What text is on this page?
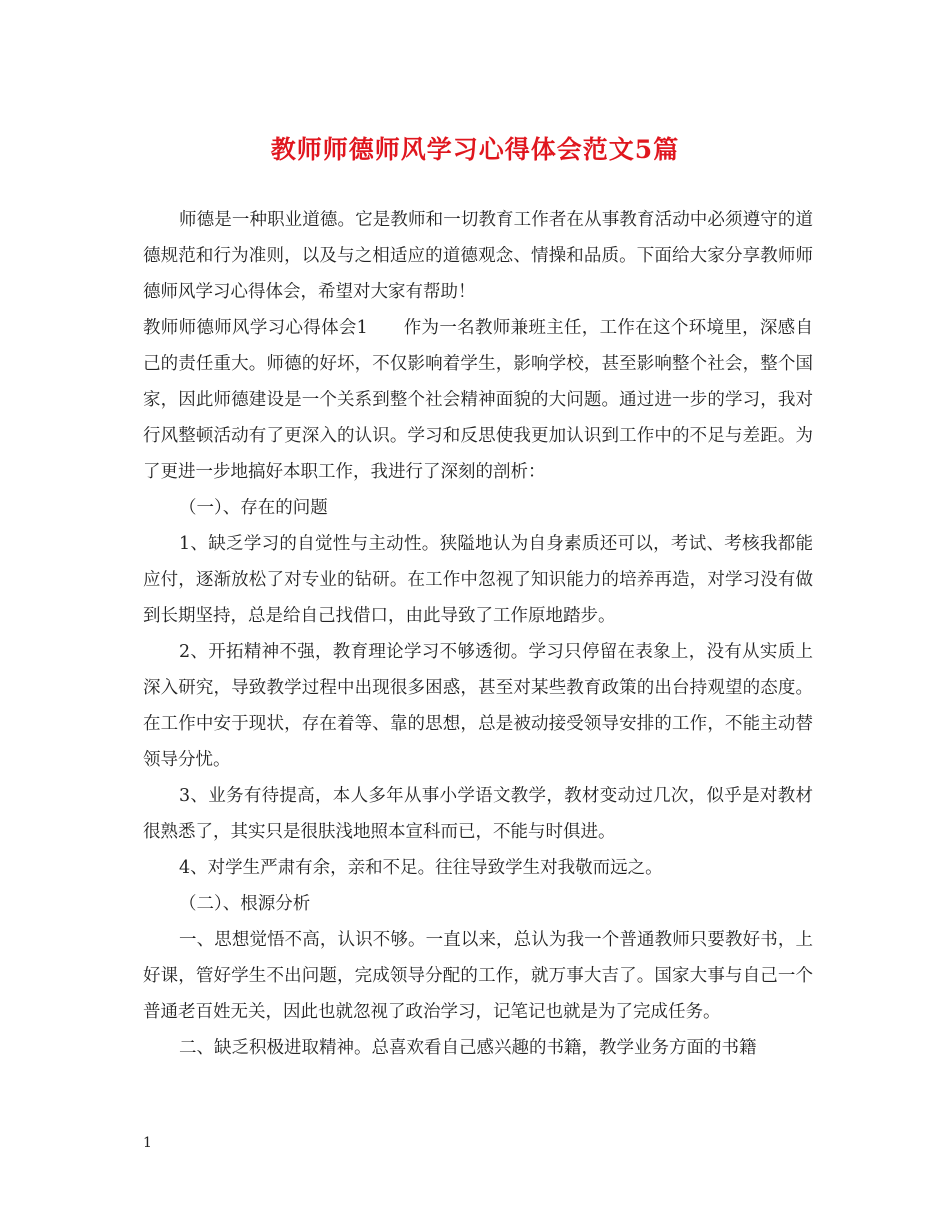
教师师德师风学习心得体会范文5篇

师德是一种职业道德。它是教师和一切教育工作者在从事教育活动中必须遵守的道德规范和行为准则，以及与之相适应的道德观念、情操和品质。下面给大家分享教师师德师风学习心得体会，希望对大家有帮助！

教师师德师风学习心得体会1　　作为一名教师兼班主任，工作在这个环境里，深感自己的责任重大。师德的好坏，不仅影响着学生，影响学校，甚至影响整个社会，整个国家，因此师德建设是一个关系到整个社会精神面貌的大问题。通过进一步的学习，我对行风整顿活动有了更深入的认识。学习和反思使我更加认识到工作中的不足与差距。为了更进一步地搞好本职工作，我进行了深刻的剖析：

（一）、存在的问题

1、缺乏学习的自觉性与主动性。狭隘地认为自身素质还可以，考试、考核我都能应付，逐渐放松了对专业的钻研。在工作中忽视了知识能力的培养再造，对学习没有做到长期坚持，总是给自己找借口，由此导致了工作原地踏步。

2、开拓精神不强，教育理论学习不够透彻。学习只停留在表象上，没有从实质上深入研究，导致教学过程中出现很多困惑，甚至对某些教育政策的出台持观望的态度。在工作中安于现状，存在着等、靠的思想，总是被动接受领导安排的工作，不能主动替领导分忧。

3、业务有待提高，本人多年从事小学语文教学，教材变动过几次，似乎是对教材很熟悉了，其实只是很肤浅地照本宣科而已，不能与时俱进。

4、对学生严肃有余，亲和不足。往往导致学生对我敬而远之。

（二）、根源分析

一、思想觉悟不高，认识不够。一直以来，总认为我一个普通教师只要教好书，上好课，管好学生不出问题，完成领导分配的工作，就万事大吉了。国家大事与自己一个普通老百姓无关，因此也就忽视了政治学习，记笔记也就是为了完成任务。

二、缺乏积极进取精神。总喜欢看自己感兴趣的书籍，教学业务方面的书籍

1
